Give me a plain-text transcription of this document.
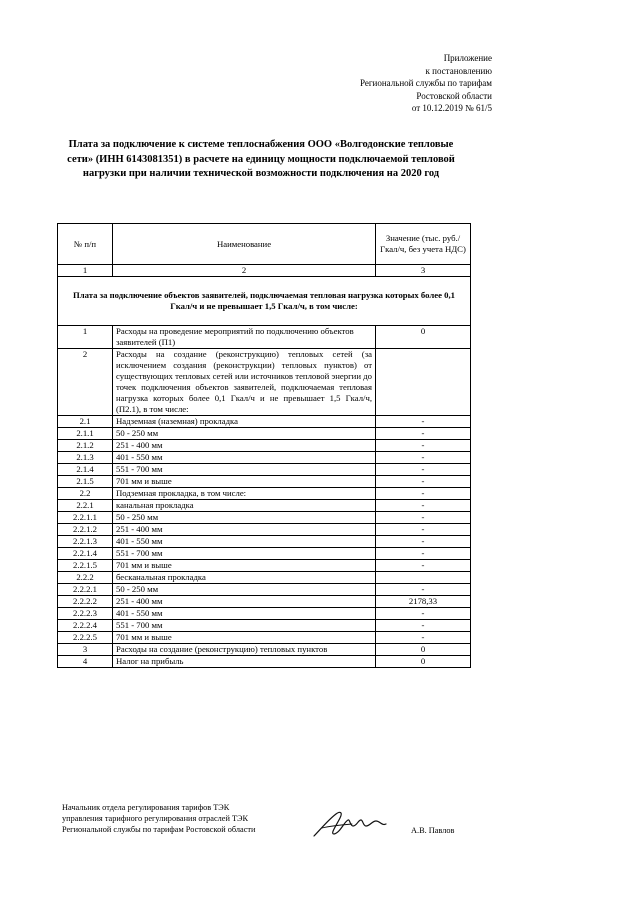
Приложение
к постановлению
Региональной службы по тарифам
Ростовской области
от 10.12.2019 № 61/5
Плата за подключение к системе теплоснабжения ООО «Волгодонские тепловые сети» (ИНН 6143081351) в расчете на единицу мощности подключаемой тепловой нагрузки при наличии технической возможности подключения на 2020 год
№ п/п	Наименование	Значение (тыс. руб./Гкал/ч, без учета НДС)
1	2	3
Плата за подключение объектов заявителей, подключаемая тепловая нагрузка которых более 0,1 Гкал/ч и не превышает 1,5 Гкал/ч, в том числе:		
1	Расходы на проведение мероприятий по подключению объектов заявителей (П1)	0
2	Расходы на создание (реконструкцию) тепловых сетей (за исключением создания (реконструкции) тепловых пунктов) от существующих тепловых сетей или источников тепловой энергии до точек подключения объектов заявителей, подключаемая тепловая нагрузка которых более 0,1 Гкал/ч и не превышает 1,5 Гкал/ч, (П2.1), в том числе:	
2.1	Надземная (наземная) прокладка	-
2.1.1	50 - 250 мм	-
2.1.2	251 - 400 мм	-
2.1.3	401 - 550 мм	-
2.1.4	551 - 700 мм	-
2.1.5	701 мм и выше	-
2.2	Подземная прокладка, в том числе:	-
2.2.1	канальная прокладка	-
2.2.1.1	50 - 250 мм	-
2.2.1.2	251 - 400 мм	-
2.2.1.3	401 - 550 мм	-
2.2.1.4	551 - 700 мм	-
2.2.1.5	701 мм и выше	-
2.2.2	бесканальная прокладка	
2.2.2.1	50 - 250 мм	-
2.2.2.2	251 - 400 мм	2178,33
2.2.2.3	401 - 550 мм	-
2.2.2.4	551 - 700 мм	-
2.2.2.5	701 мм и выше	-
3	Расходы на создание (реконструкцию) тепловых пунктов	0
4	Налог на прибыль	0
Начальник отдела регулирования тарифов ТЭК
управления тарифного регулирования отраслей ТЭК
Региональной службы по тарифам Ростовской области	А.В. Павлов
